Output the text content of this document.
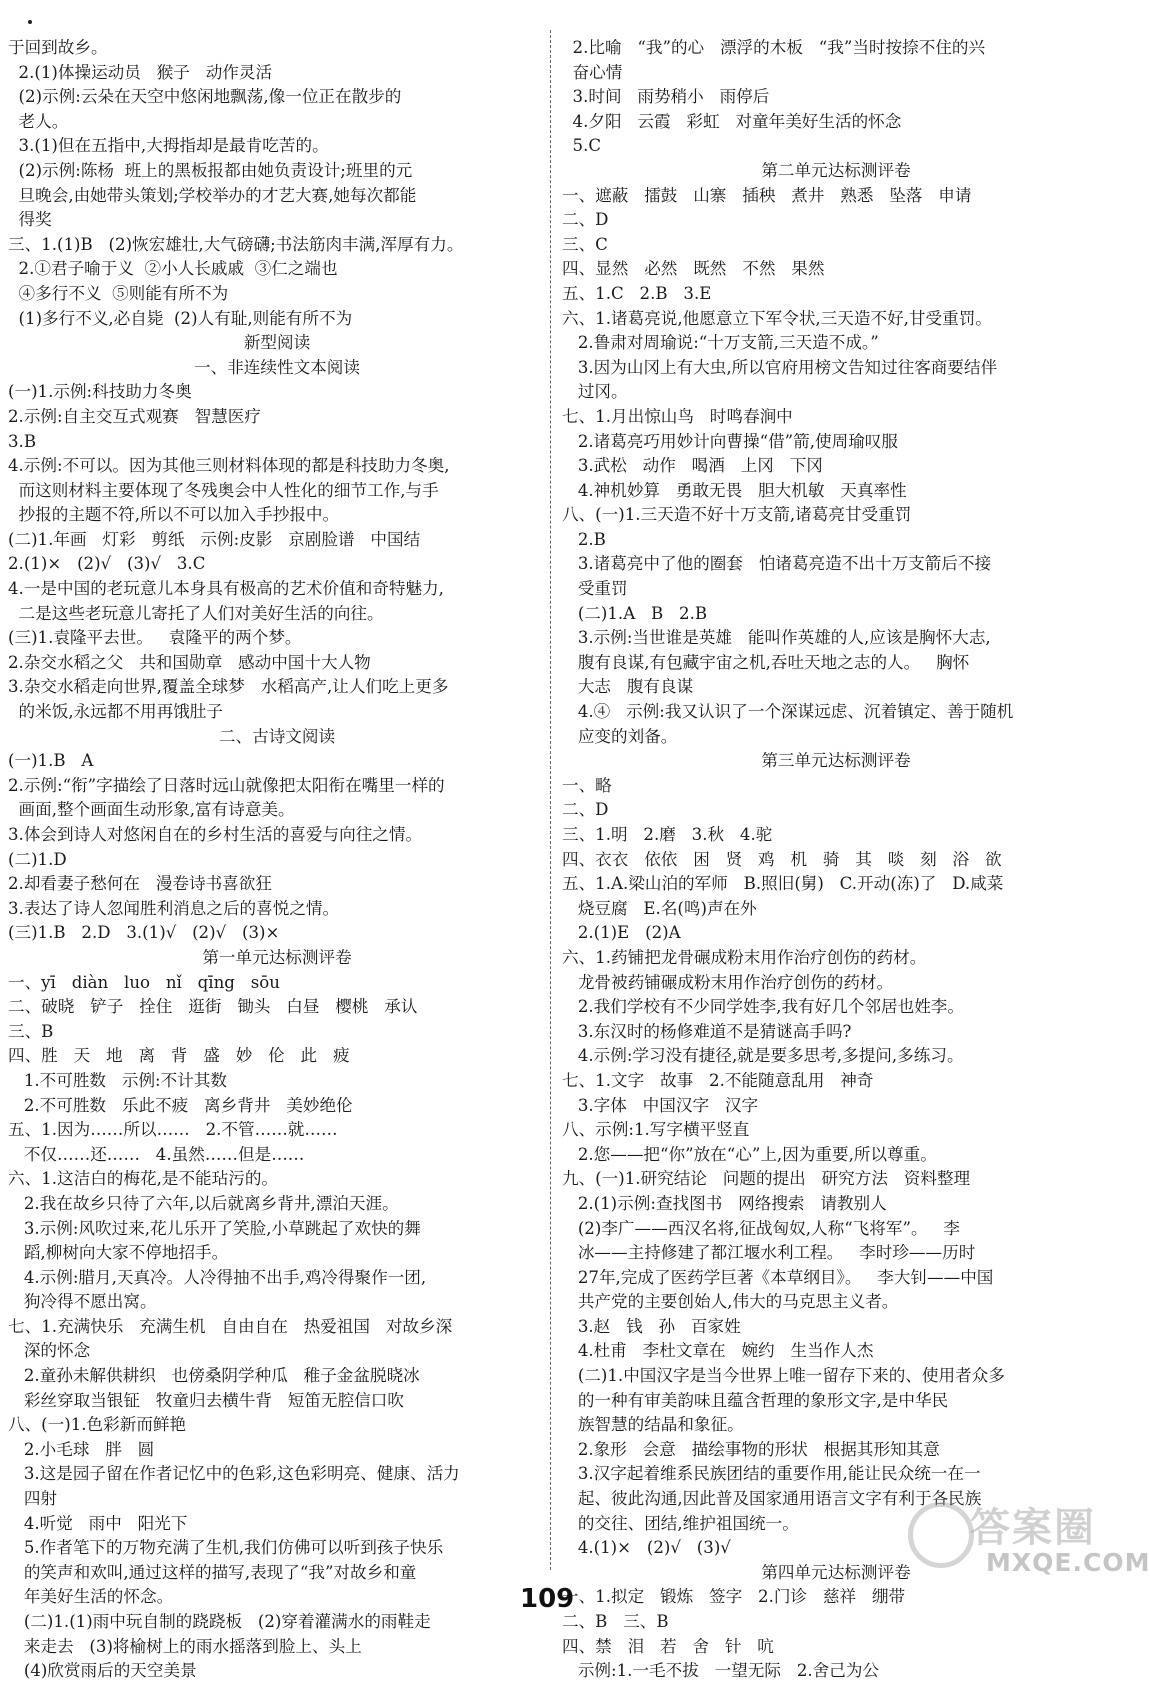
于回到故乡。
2.(1)体操运动员   猴子   动作灵活
(2)示例:云朵在天空中悠闲地飘荡,像一位正在散步的
老人。
3.(1)但在五指中,大拇指却是最肯吃苦的。
(2)示例:陈杨  班上的黑板报都由她负责设计;班里的元
旦晚会,由她带头策划;学校举办的才艺大赛,她每次都能
得奖
三、1.(1)B   (2)恢宏雄壮,大气磅礴;书法筋肉丰满,浑厚有力。
2.①君子喻于义  ②小人长戚戚  ③仁之端也
④多行不义  ⑤则能有所不为
(1)多行不义,必自毙  (2)人有耻,则能有所不为
新型阅读
一、非连续性文本阅读
(一)1.示例:科技助力冬奥
2.示例:自主交互式观赛   智慧医疗
3.B
4.示例:不可以。因为其他三则材料体现的都是科技助力冬奥,
而这则材料主要体现了冬残奥会中人性化的细节工作,与手
抄报的主题不符,所以不可以加入手抄报中。
(二)1.年画   灯彩   剪纸   示例:皮影   京剧脸谱   中国结
2.(1)×   (2)√   (3)√   3.C
4.一是中国的老玩意儿本身具有极高的艺术价值和奇特魅力,
二是这些老玩意儿寄托了人们对美好生活的向往。
(三)1.袁隆平去世。   袁隆平的两个梦。
2.杂交水稻之父   共和国勋章   感动中国十大人物
3.杂交水稻走向世界,覆盖全球梦   水稻高产,让人们吃上更多
的米饭,永远都不用再饿肚子
二、古诗文阅读
(一)1.B   A
2.示例:“衔”字描绘了日落时远山就像把太阳衔在嘴里一样的
画面,整个画面生动形象,富有诗意美。
3.体会到诗人对悠闲自在的乡村生活的喜爱与向往之情。
(二)1.D
2.却看妻子愁何在   漫卷诗书喜欲狂
3.表达了诗人忽闻胜利消息之后的喜悦之情。
(三)1.B   2.D   3.(1)√   (2)√   (3)×
第一单元达标测评卷
一、yī   diàn   luo   nǐ   qīng   sōu
二、破晓   铲子   拴住   逛街   锄头   白昼   樱桃   承认
三、B
四、胜   天   地   离   背   盛   妙   伦   此   疲
1.不可胜数   示例:不计其数
2.不可胜数   乐此不疲   离乡背井   美妙绝伦
五、1.因为……所以……   2.不管……就……
不仅……还……   4.虽然……但是……
六、1.这洁白的梅花,是不能玷污的。
2.我在故乡只待了六年,以后就离乡背井,漂泊天涯。
3.示例:风吹过来,花儿乐开了笑脸,小草跳起了欢快的舞
蹈,柳树向大家不停地招手。
4.示例:腊月,天真冷。人冷得抽不出手,鸡冷得聚作一团,
狗冷得不愿出窝。
七、1.充满快乐   充满生机   自由自在   热爱祖国   对故乡深
深的怀念
2.童孙未解供耕织   也傍桑阴学种瓜   稚子金盆脱晓冰
彩丝穿取当银钲   牧童归去横牛背   短笛无腔信口吹
八、(一)1.色彩新而鲜艳
2.小毛球   胖   圆
3.这是园子留在作者记忆中的色彩,这色彩明亮、健康、活力
四射
4.听觉   雨中   阳光下
5.作者笔下的万物充满了生机,我们仿佛可以听到孩子快乐
的笑声和欢叫,通过这样的描写,表现了“我”对故乡和童
年美好生活的怀念。
(二)1.(1)雨中玩自制的跷跷板   (2)穿着灌满水的雨鞋走
来走去   (3)将榆树上的雨水摇落到脸上、头上
(4)欣赏雨后的天空美景
2.比喻   “我”的心   漂浮的木板   “我”当时按捺不住的兴
奋心情
3.时间   雨势稍小   雨停后
4.夕阳   云霞   彩虹   对童年美好生活的怀念
5.C
第二单元达标测评卷
一、遮蔽   擂鼓   山寨   插秧   煮井   熟悉   坠落   申请
二、D
三、C
四、显然   必然   既然   不然   果然
五、1.C   2.B   3.E
六、1.诸葛亮说,他愿意立下军令状,三天造不好,甘受重罚。
2.鲁肃对周瑜说:“十万支箭,三天造不成。”
3.因为山冈上有大虫,所以官府用榜文告知过往客商要结伴
过冈。
七、1.月出惊山鸟   时鸣春涧中
2.诸葛亮巧用妙计向曹操“借”箭,使周瑜叹服
3.武松   动作   喝酒   上冈   下冈
4.神机妙算   勇敢无畏   胆大机敏   天真率性
八、(一)1.三天造不好十万支箭,诸葛亮甘受重罚
2.B
3.诸葛亮中了他的圈套   怕诸葛亮造不出十万支箭后不接
受重罚
(二)1.A   B   2.B
3.示例:当世谁是英雄   能叫作英雄的人,应该是胸怀大志,
腹有良谋,有包藏宇宙之机,吞吐天地之志的人。   胸怀
大志   腹有良谋
4.④   示例:我又认识了一个深谋远虑、沉着镇定、善于随机
应变的刘备。
第三单元达标测评卷
一、略
二、D
三、1.明   2.磨   3.秋   4.驼
四、衣衣   依依   困   贤   鸡   机   骑   其   啖   刻   浴   欲
五、1.A.梁山泊的军师   B.照旧(舅)   C.开动(冻)了   D.咸菜
烧豆腐   E.名(鸣)声在外
2.(1)E   (2)A
六、1.药铺把龙骨碾成粉末用作治疗创伤的药材。
龙骨被药铺碾成粉末用作治疗创伤的药材。
2.我们学校有不少同学姓李,我有好几个邻居也姓李。
3.东汉时的杨修难道不是猜谜高手吗?
4.示例:学习没有捷径,就是要多思考,多提问,多练习。
七、1.文字   故事   2.不能随意乱用   神奇
3.字体   中国汉字   汉字
八、示例:1.写字横平竖直
2.您——把“你”放在“心”上,因为重要,所以尊重。
九、(一)1.研究结论   问题的提出   研究方法   资料整理
2.(1)示例:查找图书   网络搜索   请教别人
(2)李广——西汉名将,征战匈奴,人称“飞将军”。   李
冰——主持修建了都江堰水利工程。   李时珍——历时
27年,完成了医药学巨著《本草纲目》。   李大钊——中国
共产党的主要创始人,伟大的马克思主义者。
3.赵   钱   孙   百家姓
4.杜甫   李杜文章在   婉约   生当作人杰
(二)1.中国汉字是当今世界上唯一留存下来的、使用者众多
的一种有审美韵味且蕴含哲理的象形文字,是中华民
族智慧的结晶和象征。
2.象形   会意   描绘事物的形状   根据其形知其意
3.汉字起着维系民族团结的重要作用,能让民众统一在一
起、彼此沟通,因此普及国家通用语言文字有利于各民族
的交往、团结,维护祖国统一。
4.(1)×   (2)√   (3)√
第四单元达标测评卷
一、1.拟定   锻炼   签字   2.门诊   慈祥   绷带
二、B   三、B
四、禁   泪   若   舍   针   吭
示例:1.一毛不拔   一望无际   2.舍己为公
答案圈
MXQE.COM
109
